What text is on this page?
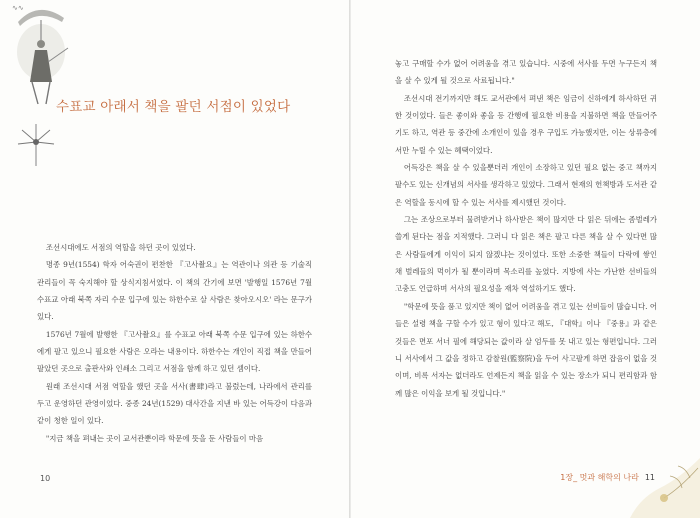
∿∿
수표교 아래서 책을 팔던 서점이 있었다

조선시대에도 서점의 역할을 하던 곳이 있었다.

명종 9년(1554) 학자 어숙권이 편찬한 『고사촬요』는 역관이나 의관 등 기술직 관리들이 꼭 숙지해야 할 상식지침서였다. 이 책의 간기에 보면 '발행일 1576년 7월 수표교 아래 북쪽 자리 수문 입구에 있는 하한수로 살 사람은 찾아오시오' 라는 문구가 있다.

1576년 7월에 발행한 『고사촬요』를 수표교 아래 북쪽 수문 입구에 있는 하한수에게 팔고 있으니 필요한 사람은 오라는 내용이다. 하한수는 개인이 직접 책을 만들어 팔았던 곳으로 출판사와 인쇄소 그리고 서점을 함께 하고 있던 셈이다.

원래 조선시대 서점 역할을 했던 곳을 서사(書肆)라고 불렀는데, 나라에서 관리를 두고 운영하던 관영이었다. 중종 24년(1529) 대사간을 지낸 바 있는 어득강이 다음과 같이 청한 일이 있다.

"지금 책을 펴내는 곳이 교서관뿐이라 학문에 뜻을 둔 사람들이 마음

10

놓고 구매할 수가 없어 어려움을 겪고 있습니다. 시중에 서사를 두면 누구든지 책을 살 수 있게 될 것으로 사료됩니다."

조선시대 전기까지만 해도 교서관에서 펴낸 책은 임금이 신하에게 하사하던 귀한 것이었다. 들은 좋이와 좋을 등 간행에 필요한 비용을 지불하면 책을 만들어주기도 하고, 역관 등 중간에 소개인이 있을 경우 구입도 가능했지만, 이는 상류층에서만 누릴 수 있는 혜택이었다.

어득강은 책을 살 수 있을뿐더러 개인이 소장하고 있던 필요 없는 중고 책까지 팔수도 있는 신개념의 서사를 생각하고 있었다. 그래서 현재의 헌책방과 도서관 같은 역할을 동시에 할 수 있는 서사를 제시했던 것이다.

그는 조상으로부터 물려받거나 하사받은 책이 많지만 다 읽은 뒤에는 좀벌레가 쓸게 된다는 점을 지적했다. 그러니 다 읽은 책은 팔고 다른 책을 살 수 있다면 많은 사람들에게 이익이 되지 않겠냐는 것이었다. 또한 소중한 책들이 다락에 쌓인 채 벌레들의 먹이가 될 뿐이라며 목소리를 높였다. 지방에 사는 가난한 선비들의 고충도 언급하며 서사의 필요성을 재차 역설하기도 했다.

"학문에 뜻을 품고 있지만 책이 없어 어려움을 겪고 있는 선비들이 많습니다. 어들은 설령 책을 구할 수가 있고 형이 있다고 해도, 『대학』이나 『중용』과 같은 것들은 면포 서너 필에 해당되는 값이라 살 엄두를 못 내고 있는 형편입니다. 그러니 서사에서 그 값을 정하고 감찰원(監察院)을 두어 사고팔게 하면 잡음이 없을 것이며, 비록 서자는 없더라도 언제든지 책을 읽을 수 있는 장소가 되니 편리함과 함께 많은 이익을 보게 될 것입니다."

1장_ 멋과 해학의 나라 11
